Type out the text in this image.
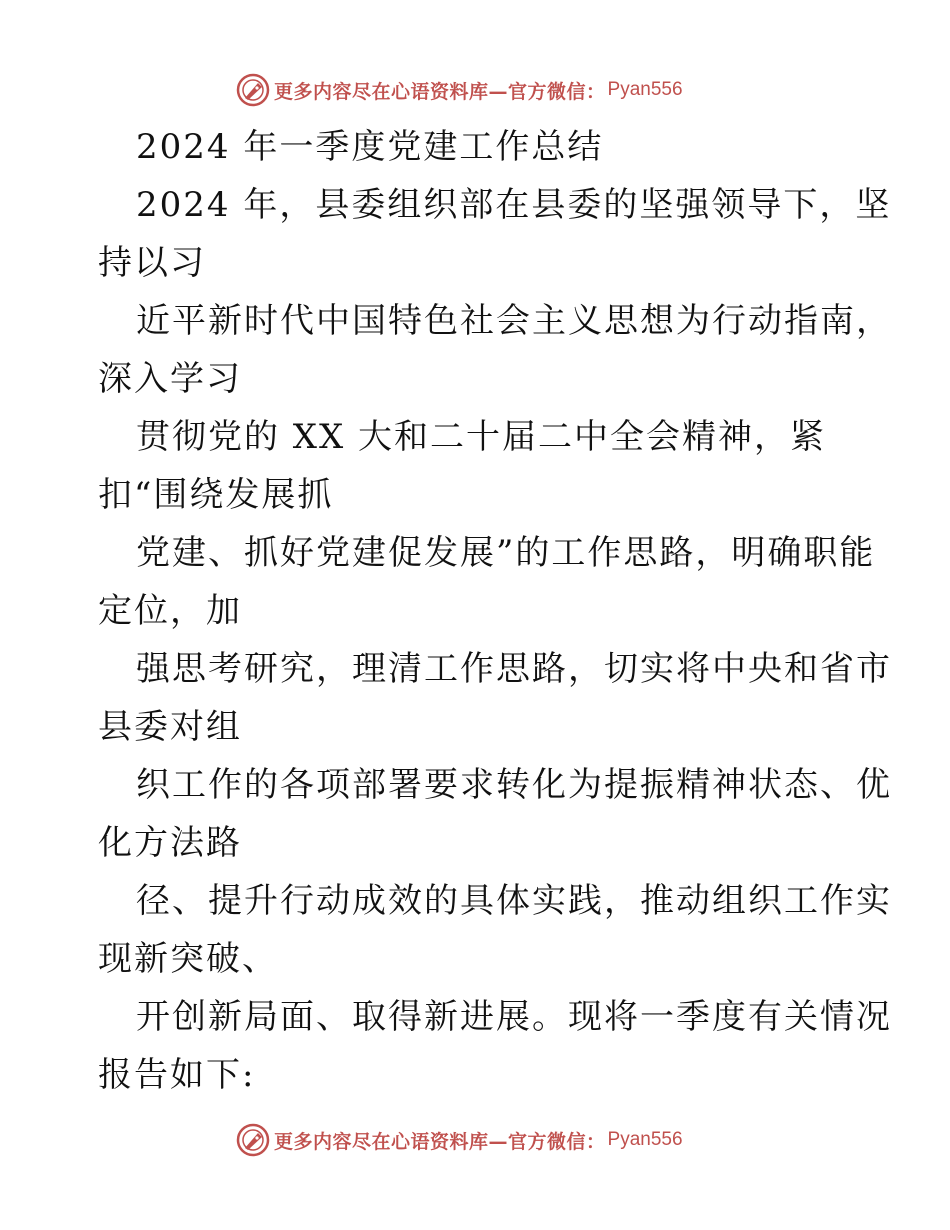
更多内容尽在心语资料库—官方微信： Pyan556
2024 年一季度党建工作总结
2024 年，县委组织部在县委的坚强领导下，坚
持以习
近平新时代中国特色社会主义思想为行动指南，
深入学习
贯彻党的 XX 大和二十届二中全会精神，紧
扣“围绕发展抓
党建、抓好党建促发展”的工作思路，明确职能
定位，加
强思考研究，理清工作思路，切实将中央和省市
县委对组
织工作的各项部署要求转化为提振精神状态、优
化方法路
径、提升行动成效的具体实践，推动组织工作实
现新突破、
开创新局面、取得新进展。现将一季度有关情况
报告如下:
更多内容尽在心语资料库—官方微信： Pyan556
